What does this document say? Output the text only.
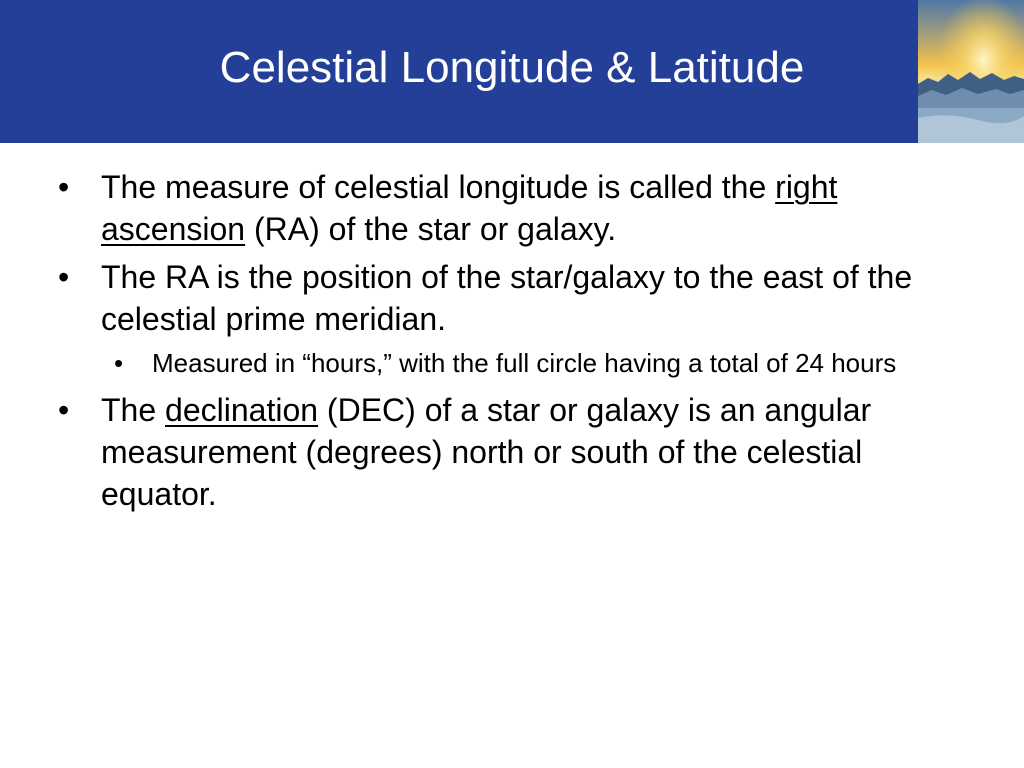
Celestial Longitude & Latitude
• The measure of celestial longitude is called the right ascension (RA) of the star or galaxy.
• The RA is the position of the star/galaxy to the east of the celestial prime meridian.
• Measured in “hours,” with the full circle having a total of 24 hours
• The declination (DEC) of a star or galaxy is an angular measurement (degrees) north or south of the celestial equator.
